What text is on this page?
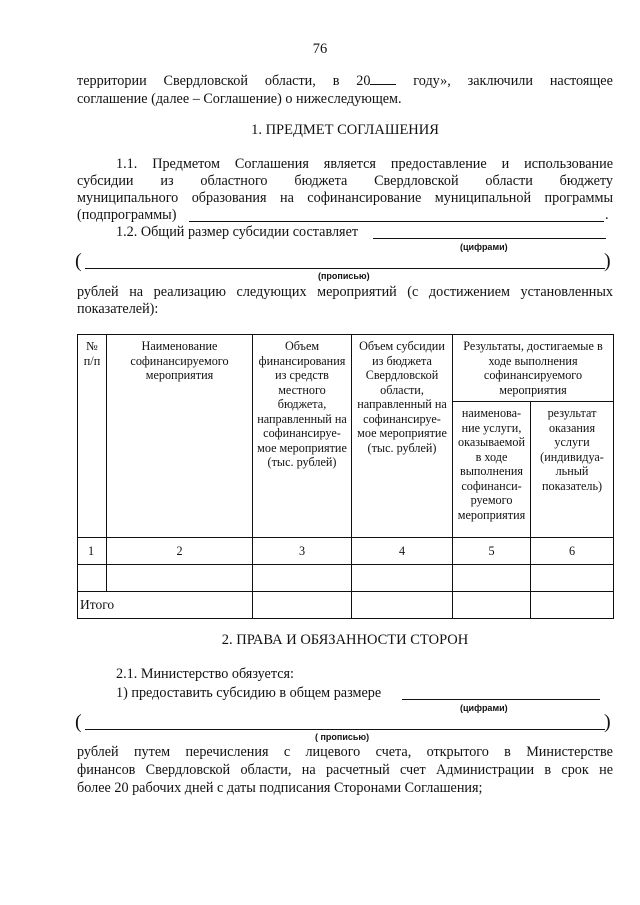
76
территории Свердловской области, в 20	году», заключили настоящее
соглашение (далее – Соглашение) о нижеследующем.
1. ПРЕДМЕТ СОГЛАШЕНИЯ
1.1. Предметом Соглашения является предоставление и использование
субсидии из областного бюджета Свердловской области бюджету
муниципального образования на софинансирование муниципальной программы
(подпрограммы)	.
1.2. Общий размер субсидии составляет
(цифрами)
(	)
(прописью)
рублей на реализацию следующих мероприятий (с достижением установленных
показателей):
№ п/п	Наименование софинансируемого мероприятия	Объем финансирования из средств местного бюджета, направленный на софинансируе-мое мероприятие (тыс. рублей)	Объем субсидии из бюджета Свердловской области, направленный на софинансируе-мое мероприятие (тыс. рублей)	Результаты, достигаемые в ходе выполнения софинансируемого мероприятия	
				наименова-ние услуги, оказываемой в ходе выполнения софинанси-руемого мероприятия	результат оказания услуги (индивидуа-льный показатель)
1	2	3	4	5	6

Итого					
2. ПРАВА И ОБЯЗАННОСТИ СТОРОН
2.1. Министерство обязуется:
1) предоставить субсидию в общем размере
(цифрами)
(	)
( прописью)
рублей путем перечисления с лицевого счета, открытого в Министерстве
финансов Свердловской области, на расчетный счет Администрации в срок не
более 20 рабочих дней с даты подписания Сторонами Соглашения;
